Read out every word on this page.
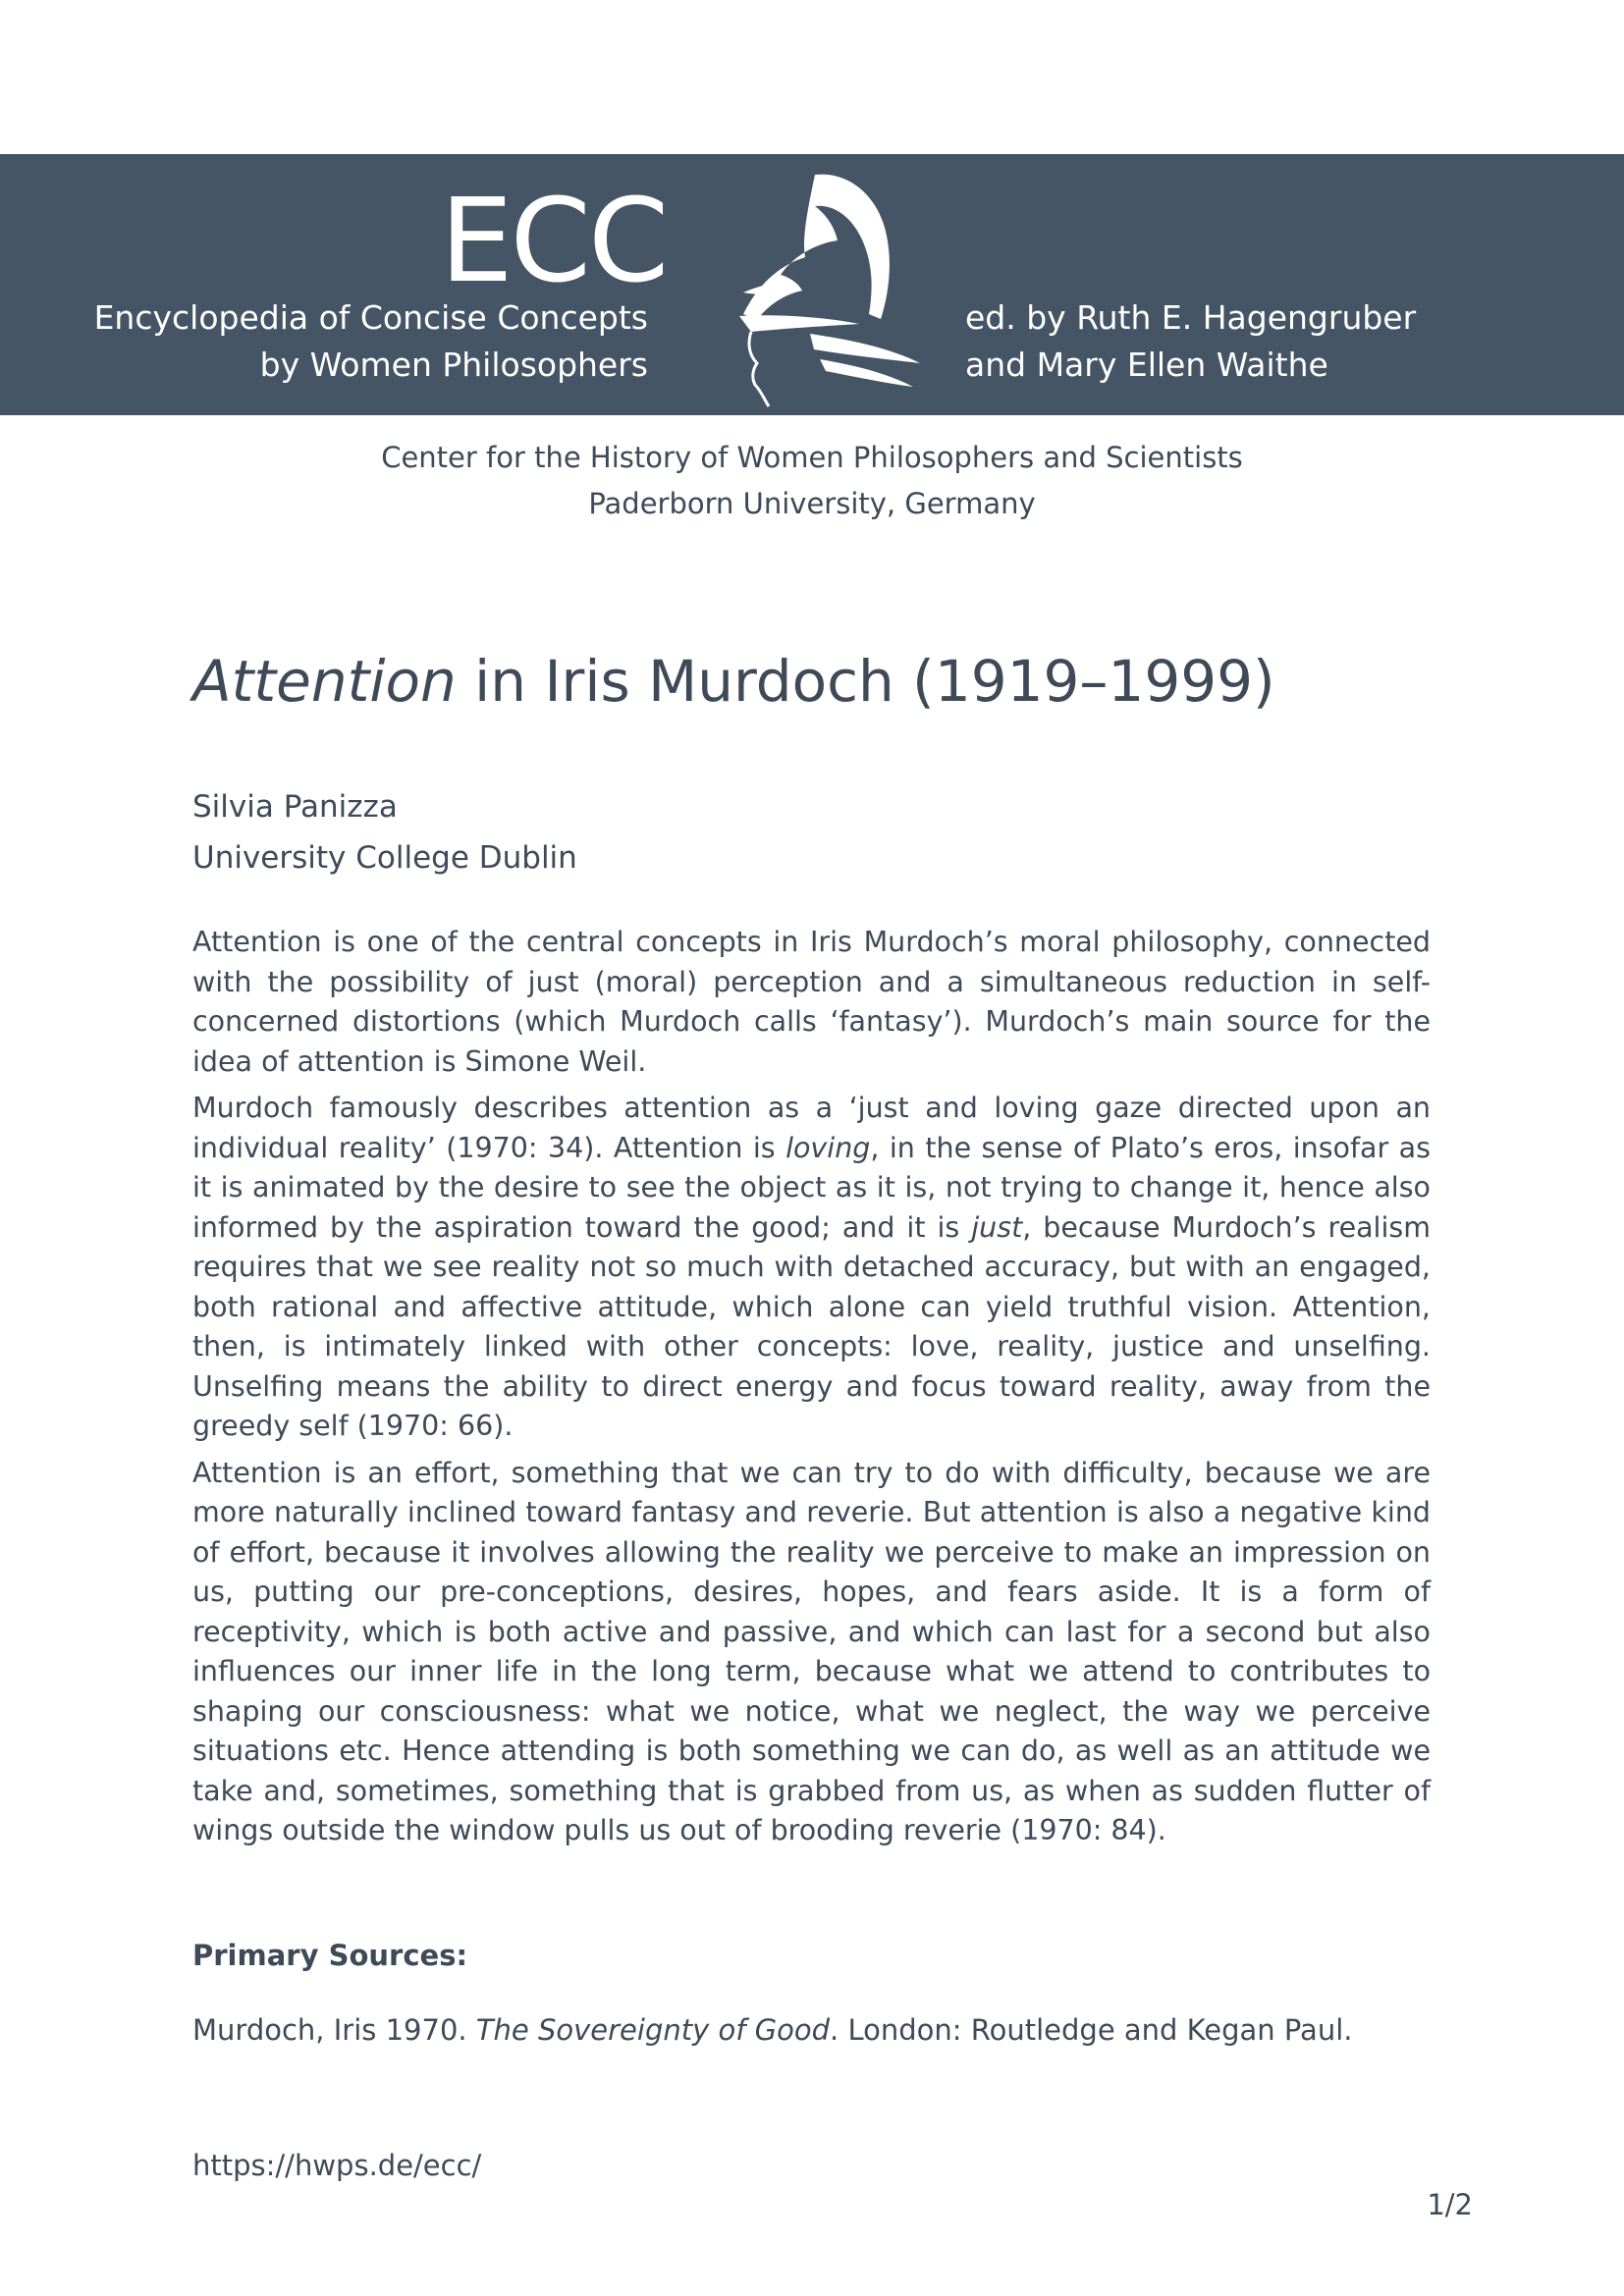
ECC
Encyclopedia of Concise Concepts
by Women Philosophers
ed. by Ruth E. Hagengruber
and Mary Ellen Waithe
Center for the History of Women Philosophers and Scientists
Paderborn University, Germany
Attention in Iris Murdoch (1919–1999)
Silvia Panizza
University College Dublin

Attention is one of the central concepts in Iris Murdoch’s moral philosophy, connected with the possibility of just (moral) perception and a simultaneous reduction in self-concerned distortions (which Murdoch calls ‘fantasy’). Murdoch’s main source for the idea of attention is Simone Weil.

Murdoch famously describes attention as a ‘just and loving gaze directed upon an individual reality’ (1970: 34). Attention is loving, in the sense of Plato’s eros, insofar as it is animated by the desire to see the object as it is, not trying to change it, hence also informed by the aspiration toward the good; and it is just, because Murdoch’s realism requires that we see reality not so much with detached accuracy, but with an engaged, both rational and affective attitude, which alone can yield truthful vision. Attention, then, is intimately linked with other concepts: love, reality, justice and unselfing. Unselfing means the ability to direct energy and focus toward reality, away from the greedy self (1970: 66).

Attention is an effort, something that we can try to do with difficulty, because we are more naturally inclined toward fantasy and reverie. But attention is also a negative kind of effort, because it involves allowing the reality we perceive to make an impression on us, putting our pre-conceptions, desires, hopes, and fears aside. It is a form of receptivity, which is both active and passive, and which can last for a second but also influences our inner life in the long term, because what we attend to contributes to shaping our consciousness: what we notice, what we neglect, the way we perceive situations etc. Hence attending is both something we can do, as well as an attitude we take and, sometimes, something that is grabbed from us, as when as sudden flutter of wings outside the window pulls us out of brooding reverie (1970: 84).

Primary Sources:
Murdoch, Iris 1970. The Sovereignty of Good. London: Routledge and Kegan Paul.
https://hwps.de/ecc/
1/2
